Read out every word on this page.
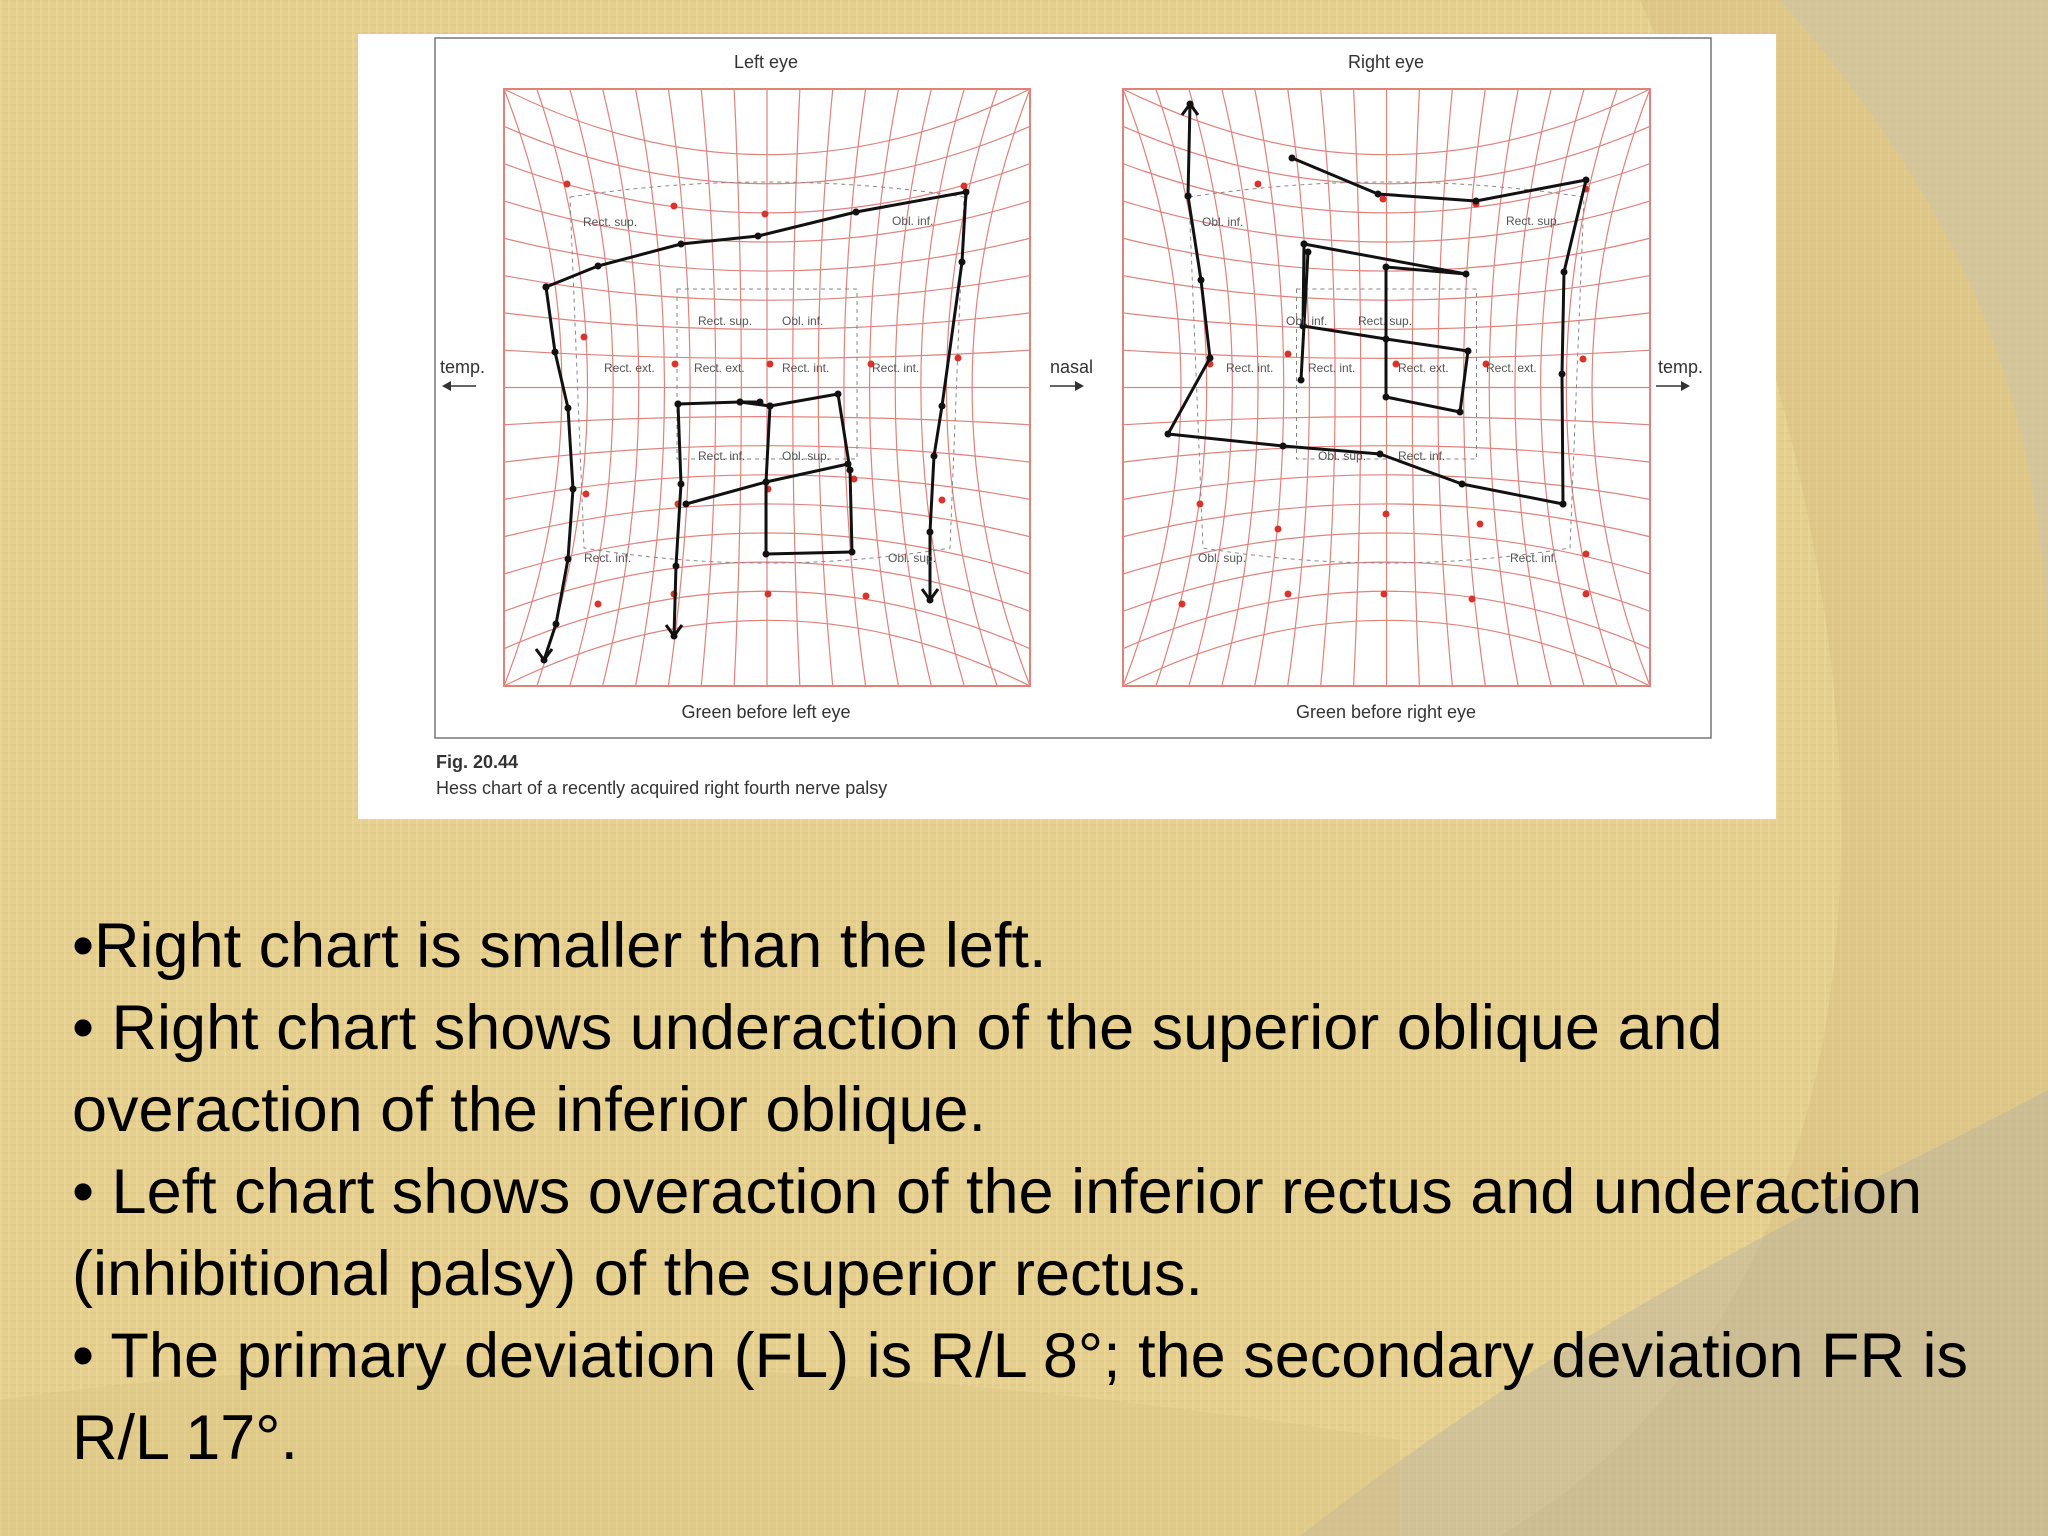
Rect. sup.	Obl. inf.
Rect. sup. Obl. inf.
Rect. ext.	Rect. ext.	Rect. int.	Rect. int.
Rect. inf.	Obl. sup.
Rect. inf.	Obl. sup.
Obl. inf.	Rect. sup.
Obl. inf.	Rect. sup.
Rect. int.	Rect. int.	Rect. ext.	Rect. ext.
Obl. sup.	Rect. inf.
Obl. sup.	Rect. inf.
Left eye	Right eye
Green before left eye	Green before right eye
temp.	nasal	temp.
Fig. 20.44
Hess chart of a recently acquired right fourth nerve palsy
•Right chart is smaller than the left.
• Right chart shows underaction of the superior oblique and overaction of the inferior oblique.
• Left chart shows overaction of the inferior rectus and underaction (inhibitional palsy) of the superior rectus.
• The primary deviation (FL) is R/L 8°; the secondary deviation FR is R/L 17°.
